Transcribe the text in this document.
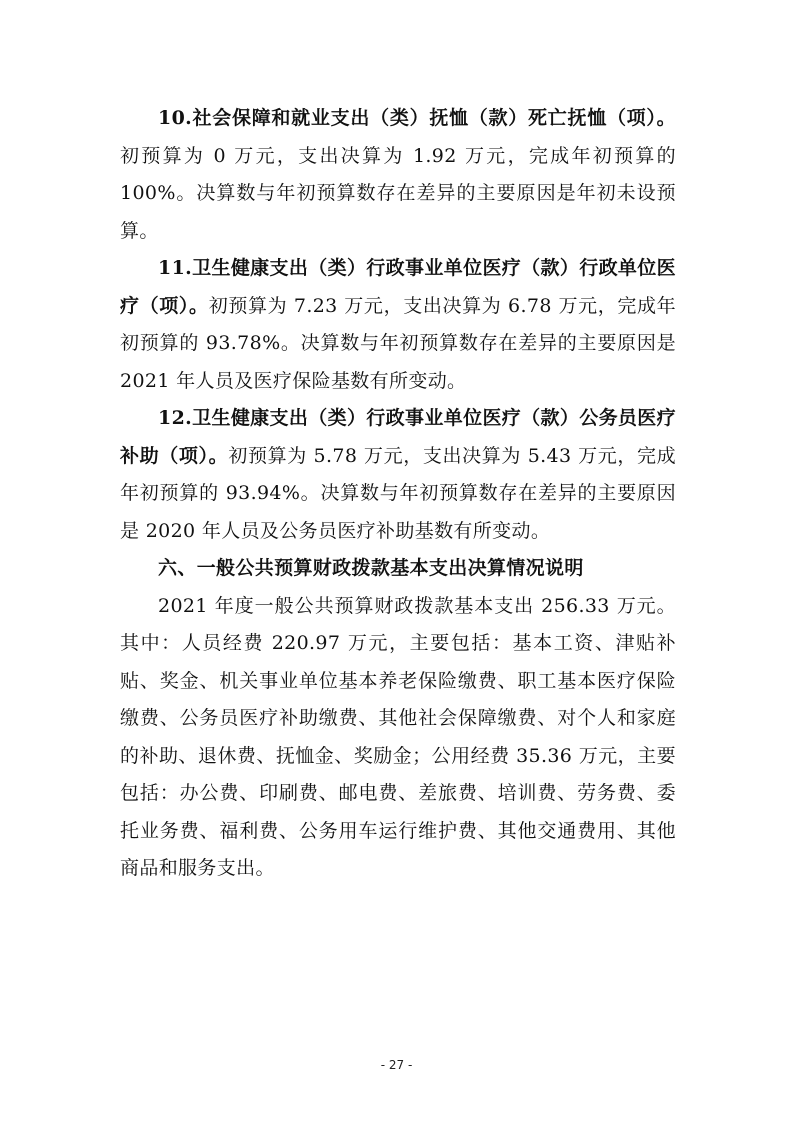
10.社会保障和就业支出（类）抚恤（款）死亡抚恤（项）。初预算为 0 万元，支出决算为 1.92 万元，完成年初预算的 100%。决算数与年初预算数存在差异的主要原因是年初未设预算。

11.卫生健康支出（类）行政事业单位医疗（款）行政单位医疗（项）。初预算为 7.23 万元，支出决算为 6.78 万元，完成年初预算的 93.78%。决算数与年初预算数存在差异的主要原因是 2021 年人员及医疗保险基数有所变动。

12.卫生健康支出（类）行政事业单位医疗（款）公务员医疗补助（项）。初预算为 5.78 万元，支出决算为 5.43 万元，完成年初预算的 93.94%。决算数与年初预算数存在差异的主要原因是 2020 年人员及公务员医疗补助基数有所变动。

六、一般公共预算财政拨款基本支出决算情况说明

2021 年度一般公共预算财政拨款基本支出 256.33 万元。其中：人员经费 220.97 万元，主要包括：基本工资、津贴补贴、奖金、机关事业单位基本养老保险缴费、职工基本医疗保险缴费、公务员医疗补助缴费、其他社会保障缴费、对个人和家庭的补助、退休费、抚恤金、奖励金；公用经费 35.36 万元，主要包括：办公费、印刷费、邮电费、差旅费、培训费、劳务费、委托业务费、福利费、公务用车运行维护费、其他交通费用、其他商品和服务支出。

- 27 -
